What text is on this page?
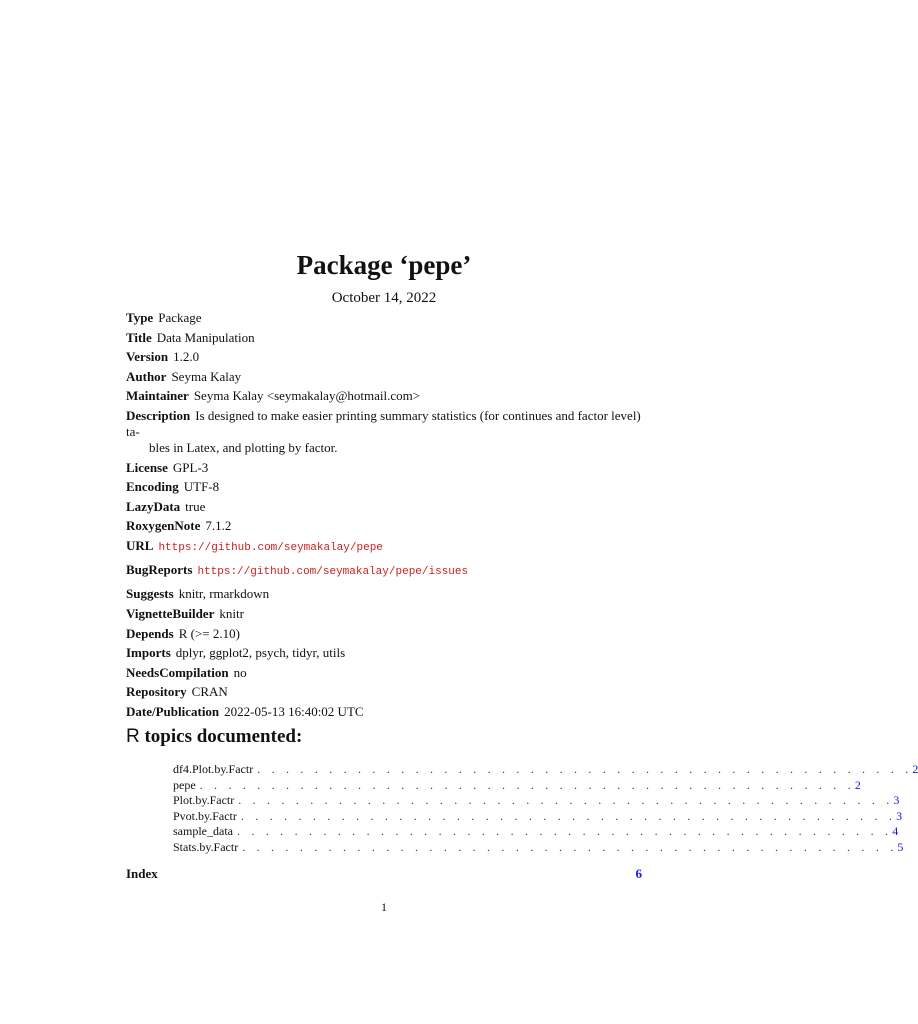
Package ‘pepe’
October 14, 2022
Type Package
Title Data Manipulation
Version 1.2.0
Author Seyma Kalay
Maintainer Seyma Kalay <seymakalay@hotmail.com>
Description Is designed to make easier printing summary statistics (for continues and factor level) ta-
bles in Latex, and plotting by factor.
License GPL-3
Encoding UTF-8
LazyData true
RoxygenNote 7.1.2
URL https://github.com/seymakalay/pepe
BugReports https://github.com/seymakalay/pepe/issues
Suggests knitr, rmarkdown
VignetteBuilder knitr
Depends R (>= 2.10)
Imports dplyr, ggplot2, psych, tidyr, utils
NeedsCompilation no
Repository CRAN
Date/Publication 2022-05-13 16:40:02 UTC
R topics documented:
df4.Plot.by.Factr . . . . . . . . . . . . . . . . . . . . . . . . . . . . . . . . . . . . . . . . . . . . . . 2
pepe . . . . . . . . . . . . . . . . . . . . . . . . . . . . . . . . . . . . . . . . . . . . . . 2
Plot.by.Factr . . . . . . . . . . . . . . . . . . . . . . . . . . . . . . . . . . . . . . . . . . . . . . 3
Pvot.by.Factr . . . . . . . . . . . . . . . . . . . . . . . . . . . . . . . . . . . . . . . . . . . . . . 3
sample_data . . . . . . . . . . . . . . . . . . . . . . . . . . . . . . . . . . . . . . . . . . . . . . 4
Stats.by.Factr . . . . . . . . . . . . . . . . . . . . . . . . . . . . . . . . . . . . . . . . . . . . . . 5
Index	6
1
